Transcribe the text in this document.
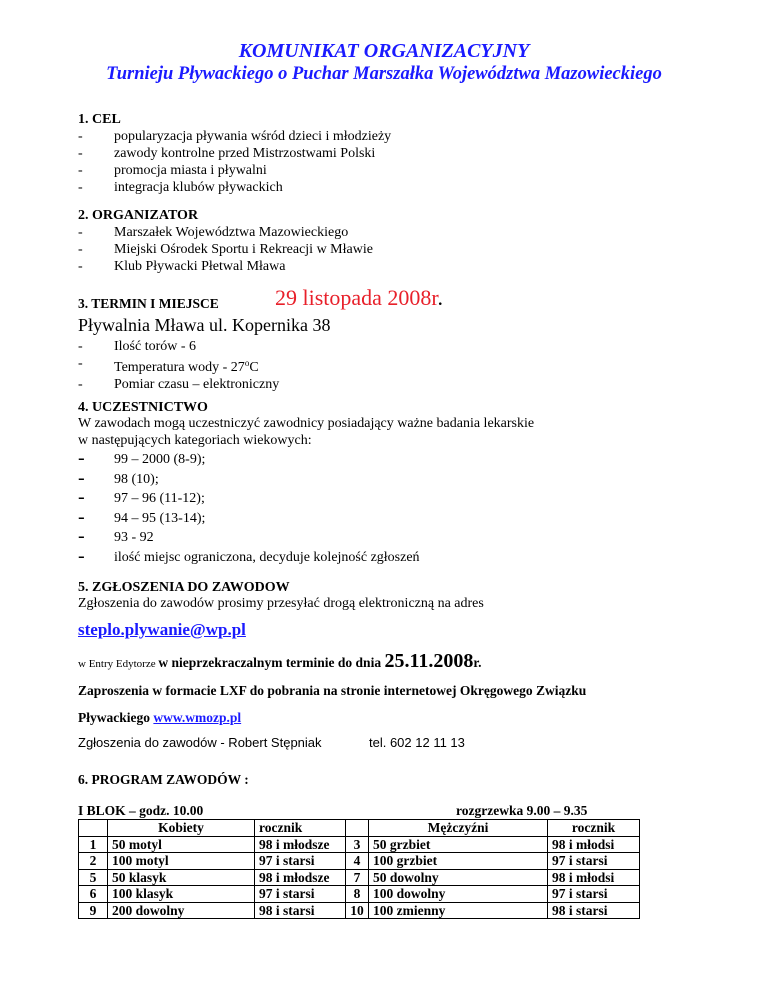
KOMUNIKAT ORGANIZACYJNY
Turnieju Pływackiego o Puchar Marszałka Województwa Mazowieckiego
1. CEL
- popularyzacja pływania wśród dzieci i młodzieży
- zawody kontrolne przed Mistrzostwami Polski
- promocja miasta i pływalni
- integracja klubów pływackich
2. ORGANIZATOR
- Marszałek Województwa Mazowieckiego
- Miejski Ośrodek Sportu i Rekreacji w Mławie
- Klub Pływacki Płetwal Mława
3. TERMIN I MIEJSCE	29 listopada 2008r.
Pływalnia Mława ul. Kopernika 38
- Ilość torów - 6
- Temperatura wody - 27$^o$C
- Pomiar czasu – elektroniczny
4. UCZESTNICTWO
W zawodach mogą uczestniczyć zawodnicy posiadający ważne badania lekarskie
w następujących kategoriach wiekowych:
- 99 – 2000 (8-9);
- 98 (10);
- 97 – 96 (11-12);
- 94 – 95 (13-14);
- 93 - 92
- ilość miejsc ograniczona, decyduje kolejność zgłoszeń
5. ZGŁOSZENIA DO ZAWODOW
Zgłoszenia do zawodów prosimy przesyłać drogą elektroniczną na adres
steplo.plywanie@wp.pl
w Entry Edytorze w nieprzekraczalnym terminie do dnia 25.11.2008r.
Zaproszenia w formacie LXF do pobrania na stronie internetowej Okręgowego Związku
Pływackiego www.wmozp.pl
Zgłoszenia do zawodów - Robert Stępniak	tel. 602 12 11 13
6. PROGRAM ZAWODÓW :
I BLOK – godz. 10.00	rozgrzewka 9.00 – 9.35
	Kobiety	rocznik		Mężczyźni	rocznik
1	50 motyl	98 i młodsze	3	50 grzbiet	98 i młodsi
2	100 motyl	97 i starsi	4	100 grzbiet	97 i starsi
5	50 klasyk	98 i młodsze	7	50 dowolny	98 i młodsi
6	100 klasyk	97 i starsi	8	100 dowolny	97 i starsi
9	200 dowolny	98 i starsi	10	100 zmienny	98 i starsi
